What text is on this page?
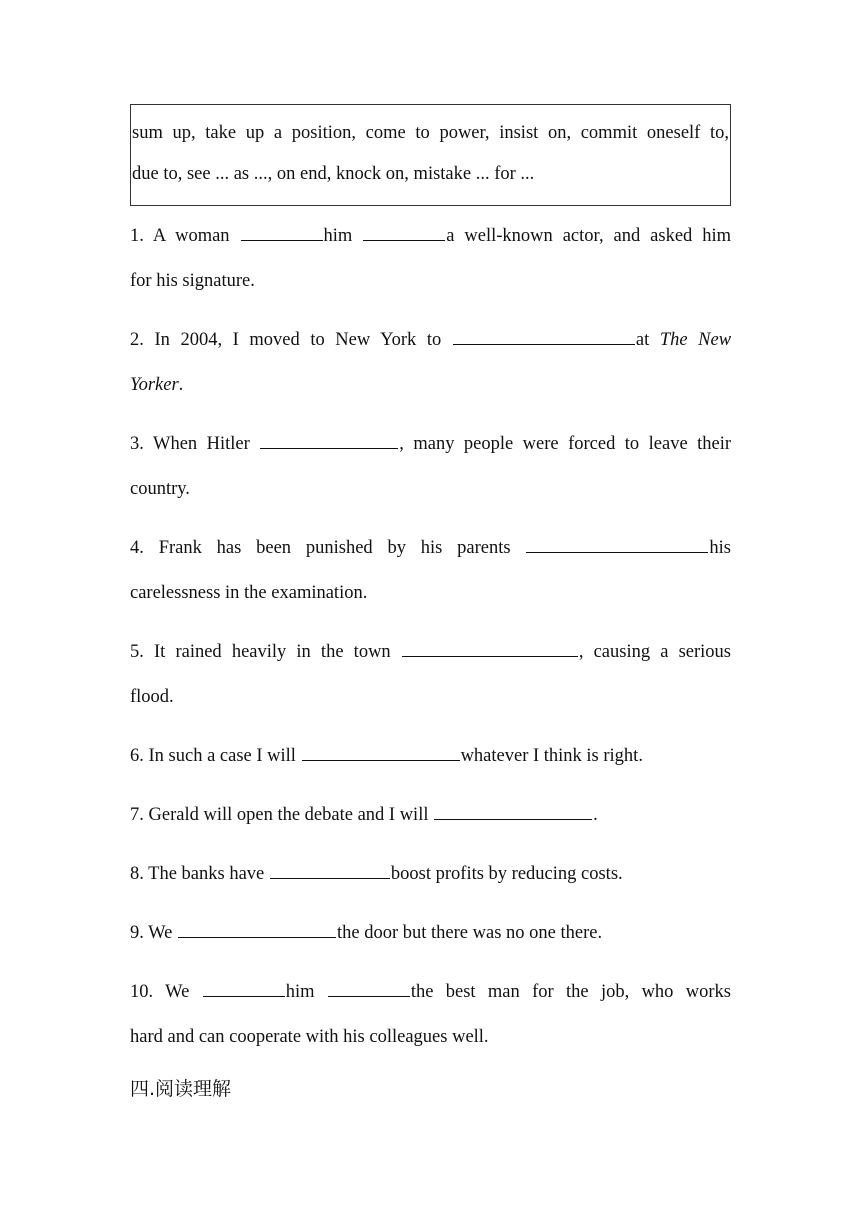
sum up, take up a position, come to power, insist on, commit oneself to,
due to, see ... as ..., on end, knock on, mistake ... for ...
1. A woman	him	a well-known actor, and asked him
for his signature.
2. In 2004, I moved to New York to	at The New
Yorker.
3. When Hitler	, many people were forced to leave their
country.
4. Frank has been punished by his parents	his
carelessness in the examination.
5. It rained heavily in the town	, causing a serious
flood.
6. In such a case I will	whatever I think is right.
7. Gerald will open the debate and I will	.
8. The banks have	boost profits by reducing costs.
9. We	the door but there was no one there.
10. We	him	the best man for the job, who works
hard and can cooperate with his colleagues well.
四.阅读理解
